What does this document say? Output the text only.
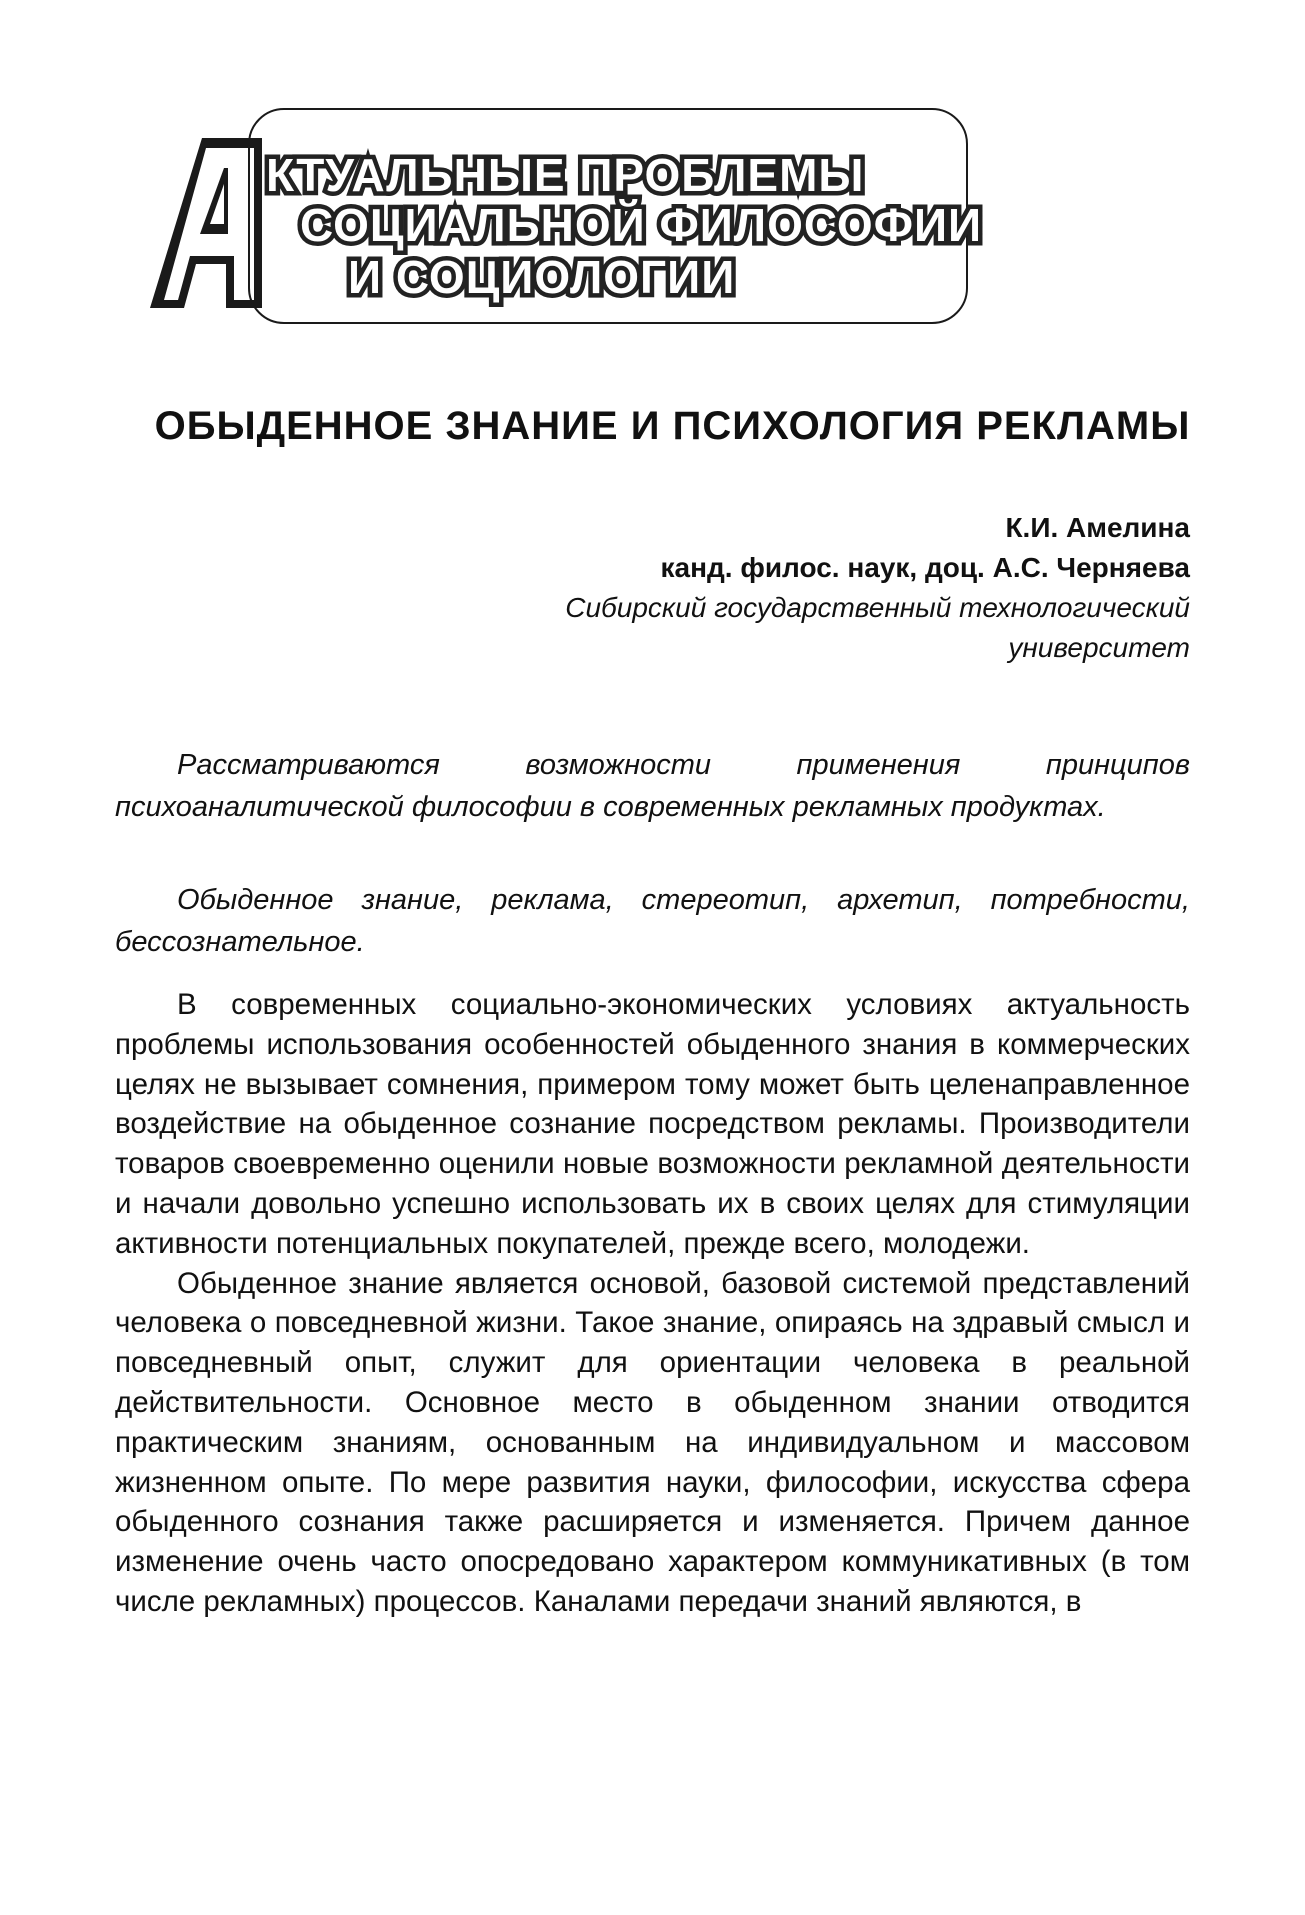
КТУАЛЬНЫЕ ПРОБЛЕМЫ
СОЦИАЛЬНОЙ ФИЛОСОФИИ
И СОЦИОЛОГИИ
ОБЫДЕННОЕ ЗНАНИЕ И ПСИХОЛОГИЯ РЕКЛАМЫ
К.И. Амелина
канд. филос. наук, доц. А.С. Черняева
Сибирский государственный технологический
университет

Рассматриваются возможности применения принципов психоаналитической философии в современных рекламных продуктах.

Обыденное знание, реклама, стереотип, архетип, потребности, бессознательное.

В современных социально-экономических условиях актуальность проблемы использования особенностей обыденного знания в коммерческих целях не вызывает сомнения, примером тому может быть целенаправленное воздействие на обыденное сознание посредством рекламы. Производители товаров своевременно оценили новые возможности рекламной деятельности и начали довольно успешно использовать их в своих целях для стимуляции активности потенциальных покупателей, прежде всего, молодежи.

Обыденное знание является основой, базовой системой представлений человека о повседневной жизни. Такое знание, опираясь на здравый смысл и повседневный опыт, служит для ориентации человека в реальной действительности. Основное место в обыденном знании отводится практическим знаниям, основанным на индивидуальном и массовом жизненном опыте. По мере развития науки, философии, искусства сфера обыденного сознания также расширяется и изменяется. Причем данное изменение очень часто опосредовано характером коммуникативных (в том числе рекламных) процессов. Каналами передачи знаний являются, в
